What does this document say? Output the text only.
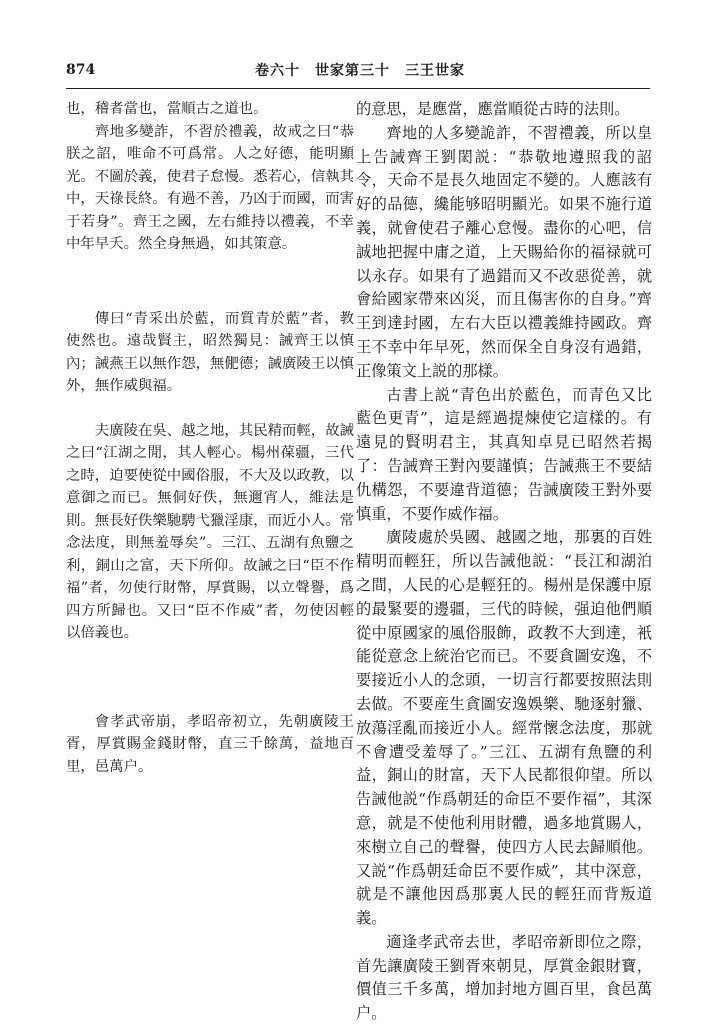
874	卷六十　世家第三十　三王世家

也，稽者當也，當順古之道也。

齊地多變詐，不習於禮義，故戒之曰“恭朕之詔，唯命不可爲常。人之好德，能明顯光。不圖於義，使君子怠慢。悉若心，信執其中，天祿長終。有過不善，乃凶于而國，而害于若身”。齊王之國，左右維持以禮義，不幸中年早夭。然全身無過，如其策意。

傳曰“青采出於藍，而質青於藍”者，教使然也。遠哉賢主，昭然獨見：誡齊王以慎內；誡燕王以無作怨，無俷德；誡廣陵王以慎外，無作威與福。

夫廣陵在吳、越之地，其民精而輕，故誡之曰“江湖之閒，其人輕心。楊州葆疆，三代之時，迫要使從中國俗服，不大及以政教，以意御之而已。無侗好佚，無邇宵人，維法是則。無長好佚樂馳騁弋獵淫康，而近小人。常念法度，則無羞辱矣”。三江、五湖有魚鹽之利，銅山之富，天下所仰。故誡之曰“臣不作福”者，勿使行財幣，厚賞賜，以立聲譽，爲四方所歸也。又曰“臣不作威”者，勿使因輕以倍義也。

會孝武帝崩，孝昭帝初立，先朝廣陵王胥，厚賞賜金錢財幣，直三千餘萬，益地百里，邑萬户。

的意思，是應當，應當順從古時的法則。

齊地的人多變詭詐，不習禮義，所以皇上告誡齊王劉閎説：“恭敬地遵照我的詔令，天命不是長久地固定不變的。人應該有好的品德，纔能够昭明顯光。如果不施行道義，就會使君子離心怠慢。盡你的心吧，信誠地把握中庸之道，上天賜給你的福禄就可以永存。如果有了過錯而又不改惡從善，就會給國家帶來凶災，而且傷害你的自身。”齊王到達封國，左右大臣以禮義維持國政。齊王不幸中年早死，然而保全自身沒有過錯，正像策文上説的那樣。

古書上説“青色出於藍色，而青色又比藍色更青”，這是經過提煉使它這樣的。有遠見的賢明君主，其真知卓見已昭然若揭了：告誡齊王對內要謹慎；告誡燕王不要結仇構怨，不要違背道德；告誡廣陵王對外要慎重，不要作威作福。

廣陵處於吳國、越國之地，那裏的百姓精明而輕狂，所以告誡他説：“長江和湖泊之間，人民的心是輕狂的。楊州是保護中原的最緊要的邊疆，三代的時候，强迫他們順從中原國家的風俗服飾，政教不大到達，衹能從意念上統治它而已。不要貪圖安逸，不要接近小人的念頭，一切言行都要按照法則去做。不要産生貪圖安逸娛樂、馳逐射獵、放蕩淫亂而接近小人。經常懷念法度，那就不會遭受羞辱了。”三江、五湖有魚鹽的利益，銅山的財富，天下人民都很仰望。所以告誡他説“作爲朝廷的命臣不要作福”，其深意，就是不使他利用財體，過多地賞賜人，來樹立自己的聲譽，使四方人民去歸順他。又説“作爲朝廷命臣不要作威”，其中深意，就是不讓他因爲那裏人民的輕狂而背叛道義。

適逢孝武帝去世，孝昭帝新即位之際，首先讓廣陵王劉胥來朝見，厚賞金銀財寶，價值三千多萬，增加封地方圓百里，食邑萬户。
